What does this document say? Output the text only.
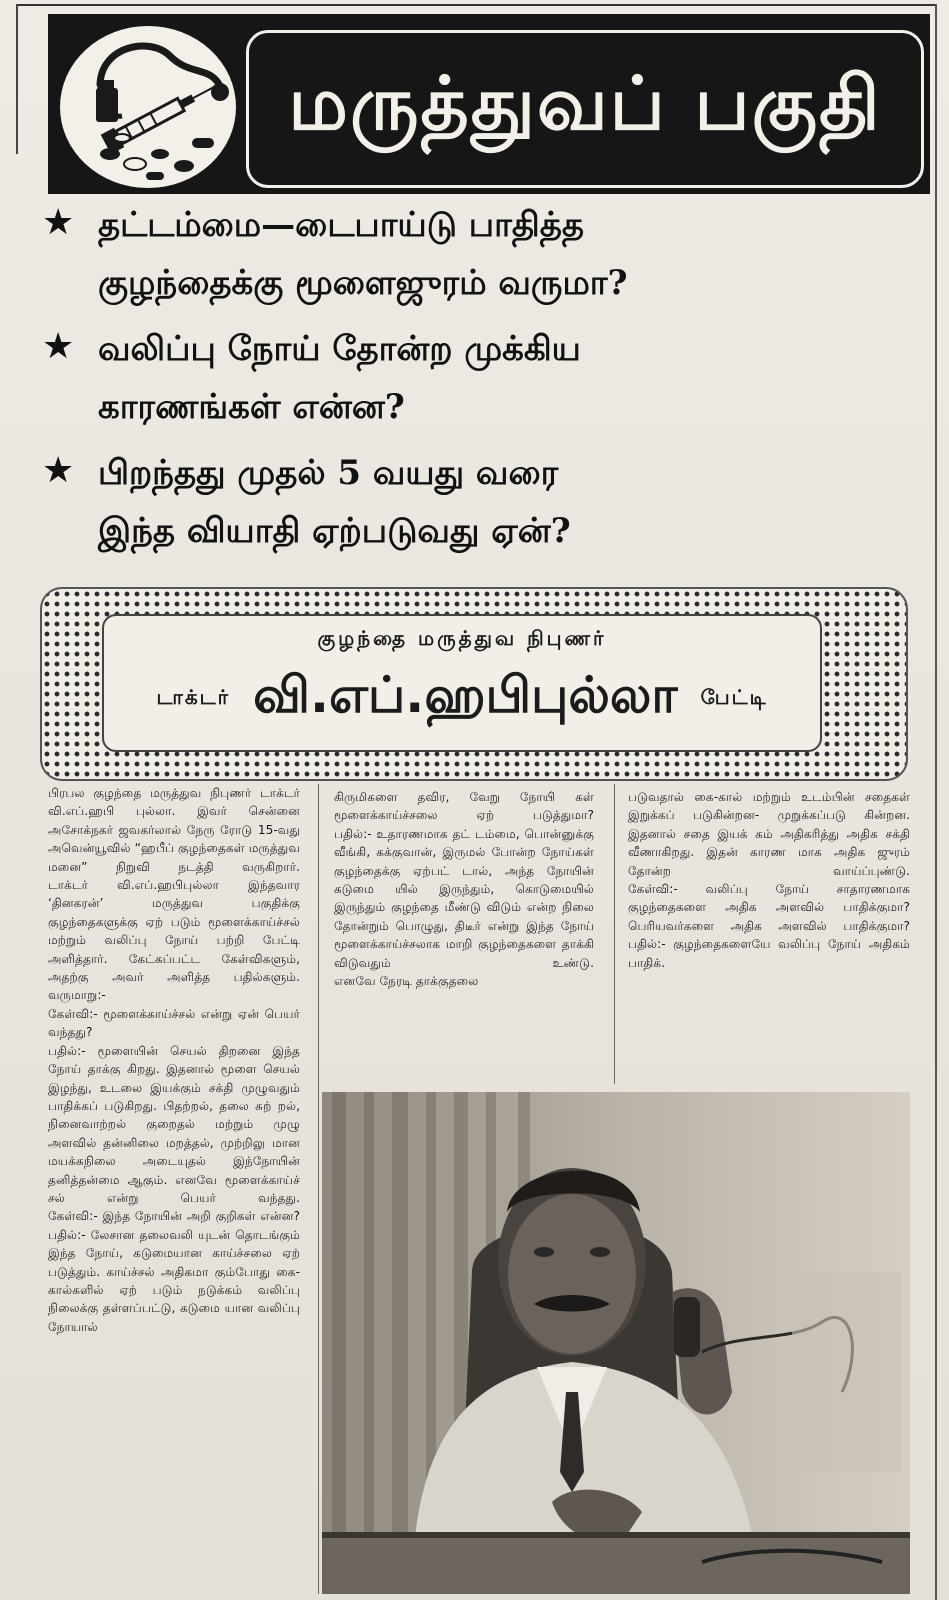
மருத்துவப் பகுதி
★ தட்டம்மை—டைபாய்டு பாதித்த
குழந்தைக்கு மூளைஜுரம் வருமா?
★ வலிப்பு நோய் தோன்ற முக்கிய
காரணங்கள் என்ன?
★ பிறந்தது முதல் 5 வயது வரை
இந்த வியாதி ஏற்படுவது ஏன்?
குழந்தை மருத்துவ நிபுணர்
டாக்டர் வி.எப்.ஹபிபுல்லா பேட்டி
பிரபல குழந்தை மருத்துவ நிபுணர் டாக்டர் வி.எப்.ஹபி புல்லா. இவர் சென்னை அசோக்நகர் ஜவகர்லால் நேரு ரோடு 15-வது அவென்யூவில் “ஹபீப் குழந்தைகள் மருத்துவ மனை” நிறுவி நடத்தி வருகிறார்.
டாக்டர் வி.எப்.ஹபிபுல்லா இந்தவார ‘தினகரன்’ மருத்துவ பகுதிக்கு குழந்தைகளுக்கு ஏற் படும் மூளைக்காய்ச்சல் மற்றும் வலிப்பு நோய் பற்றி பேட்டி அளித்தார். கேட்கப்பட்ட கேள்விகளும், அதற்கு அவர் அளித்த பதில்களும். வருமாறு:-
கேள்வி:- மூளைக்காய்ச்சல் என்று ஏன் பெயர் வந்தது?
பதில்:- மூளையின் செயல் திறனை இந்த நோய் தாக்கு கிறது. இதனால் மூளை செயல் இழந்து, உடலை இயக்கும் சக்தி முழுவதும் பாதிக்கப் படுகிறது. பிதற்றல், தலை சுற் றல், நினைவாற்றல் குறைதல் மற்றும் முழு அளவில் தன்னிலை மறத்தல், முற்றிலு மான மயக்கநிலை அடையுதல் இந்நோயின் தனித்தன்மை ஆகும். எனவே மூளைக்காய்ச் சல் என்று பெயர் வந்தது.
கேள்வி:- இந்த நோயின் அறி குறிகள் என்ன?
பதில்:- லேசான தலைவலி யுடன் தொடங்கும் இந்த நோய், கடுமையான காய்ச்சலை ஏற் படுத்தும். காய்ச்சல் அதிகமா கும்போது கை-கால்களில் ஏற் படும் நடுக்கம் வலிப்பு நிலைக்கு தள்ளப்பட்டு, கடுமை யான வலிப்பு நோயால்
கிருமிகளை தவிர, வேறு நோயி கள் மூளைக்காய்ச்சலை ஏற் படுத்துமா?
பதில்:- உதாரணமாக தட் டம்மை, பொன்னுக்கு வீங்கி, கக்குவான், இருமல் போன்ற நோய்கள் குழந்தைக்கு ஏற்பட் டால், அந்த நோயின் கடுமை யில் இருந்தும், கொடுமையில் இருந்தும் குழந்தை மீண்டு விடும் என்ற நிலை தோன்றும் பொழுது, திடீர் என்று இந்த நோய் மூளைக்காய்ச்சலாக மாறி குழந்தைகளை தாக்கி விடுவதும் உண்டு.
எனவே நேரடி தாக்குதலை
படுவதால் கை-கால் மற்றும் உடம்பின் சதைகள் இறுக்கப் படுகின்றன- முறுக்கப்படு கின்றன. இதனால் சதை இயக் கம் அதிகரித்து அதிக சக்தி வீணாகிறது. இதன் காரண மாக அதிக ஜுரம் தோன்ற வாய்ப்புண்டு.
கேள்வி:- வலிப்பு நோய் சாதாரணமாக குழந்தைகளை அதிக அளவில் பாதிக்குமா? பெரியவர்களை அதிக அளவில் பாதிக்குமா?
பதில்:- குழந்தைகளையே வலிப்பு நோய் அதிகம் பாதிக்.
